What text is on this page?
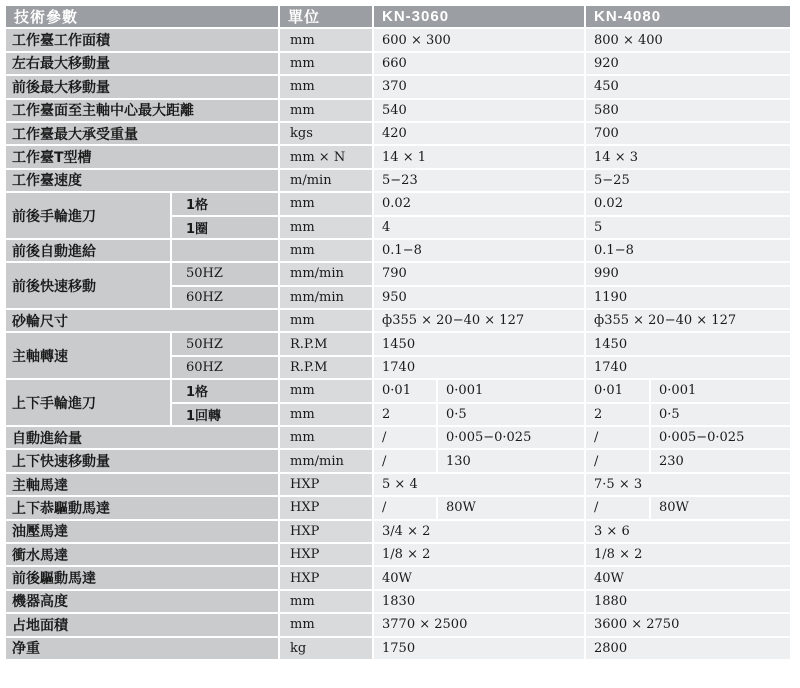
技術參數		單位	KN-3060		KN-4080	
工作臺工作面積		mm	600 × 300		800 × 400	
左右最大移動量		mm	660		920	
前後最大移動量		mm	370		450	
工作臺面至主軸中心最大距離		mm	540		580	
工作臺最大承受重量		kgs	420		700	
工作臺T型槽		mm × N	14 × 1		14 × 3	
工作臺速度		m/min	5−23		5−25	
前後手輪進刀	1格	mm	0.02		0.02	
	1圈	mm	4		5	
前後自動進給		mm	0.1−8		0.1−8	
前後快速移動	50HZ	mm/min	790		990	
	60HZ	mm/min	950		1190	
砂輪尺寸		mm	ф355 × 20−40 × 127		ф355 × 20−40 × 127	
主軸轉速	50HZ	R.P.M	1450		1450	
	60HZ	R.P.M	1740		1740	
上下手輪進刀	1格	mm	0·01	0·001	0·01	0·001
	1回轉	mm	2	0·5	2	0·5
自動進給量		mm	/	0·005−0·025	/	0·005−0·025
上下快速移動量		mm/min	/	130	/	230
主軸馬達		HXP	5 × 4		7·5 × 3	
上下恭驅動馬達		HXP	/	80W	/	80W
油壓馬達		HXP	3/4 × 2		3 × 6	
衝水馬達		HXP	1/8 × 2		1/8 × 2	
前後驅動馬達		HXP	40W		40W	
機器高度		mm	1830		1880	
占地面積		mm	3770 × 2500		3600 × 2750	
净重		kg	1750		2800	
